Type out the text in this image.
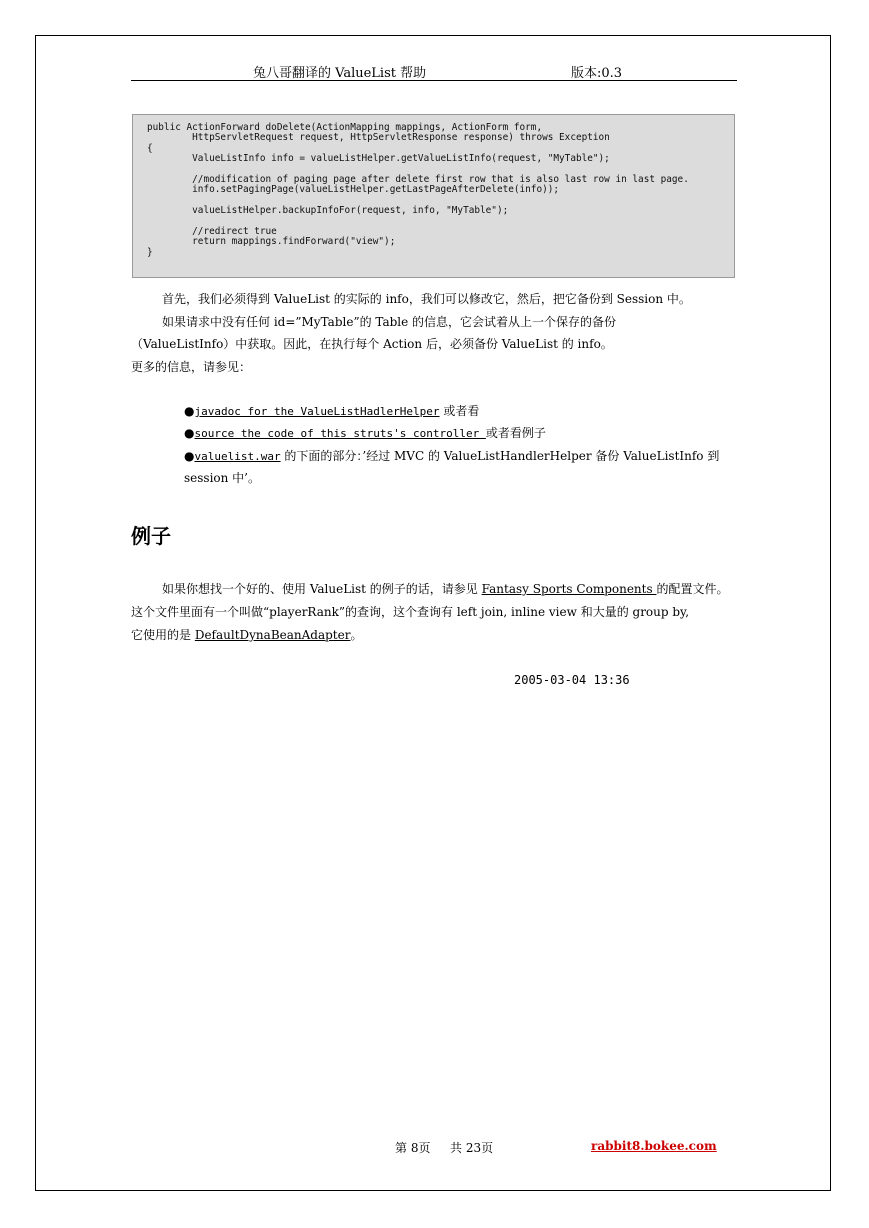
兔八哥翻译的 ValueList 帮助	版本:0.3
public ActionForward doDelete(ActionMapping mappings, ActionForm form,
HttpServletRequest request, HttpServletResponse response) throws Exception
{
ValueListInfo info = valueListHelper.getValueListInfo(request, "MyTable");

//modification of paging page after delete first row that is also last row in last page.
info.setPagingPage(valueListHelper.getLastPageAfterDelete(info));

valueListHelper.backupInfoFor(request, info, "MyTable");

//redirect true
return mappings.findForward("view");
}
首先，我们必须得到 ValueList 的实际的 info，我们可以修改它，然后，把它备份到 Session 中。
如果请求中没有任何 id=”MyTable”的 Table 的信息，它会试着从上一个保存的备份
（ValueListInfo）中获取。因此，在执行每个 Action 后，必须备份 ValueList 的 info。
更多的信息，请参见：
●javadoc for the ValueListHadlerHelper 或者看
●source the code of this struts's controller 或者看例子
●valuelist.war 的下面的部分：’经过 MVC 的 ValueListHandlerHelper 备份 ValueListInfo 到
session 中’。
例子
如果你想找一个好的、使用 ValueList 的例子的话，请参见 Fantasy Sports Components 的配置文件。
这个文件里面有一个叫做“playerRank”的查询，这个查询有 left join, inline view 和大量的 group by,
它使用的是 DefaultDynaBeanAdapter。
2005-03-04 13:36
第 8页 共 23页	rabbit8.bokee.com
